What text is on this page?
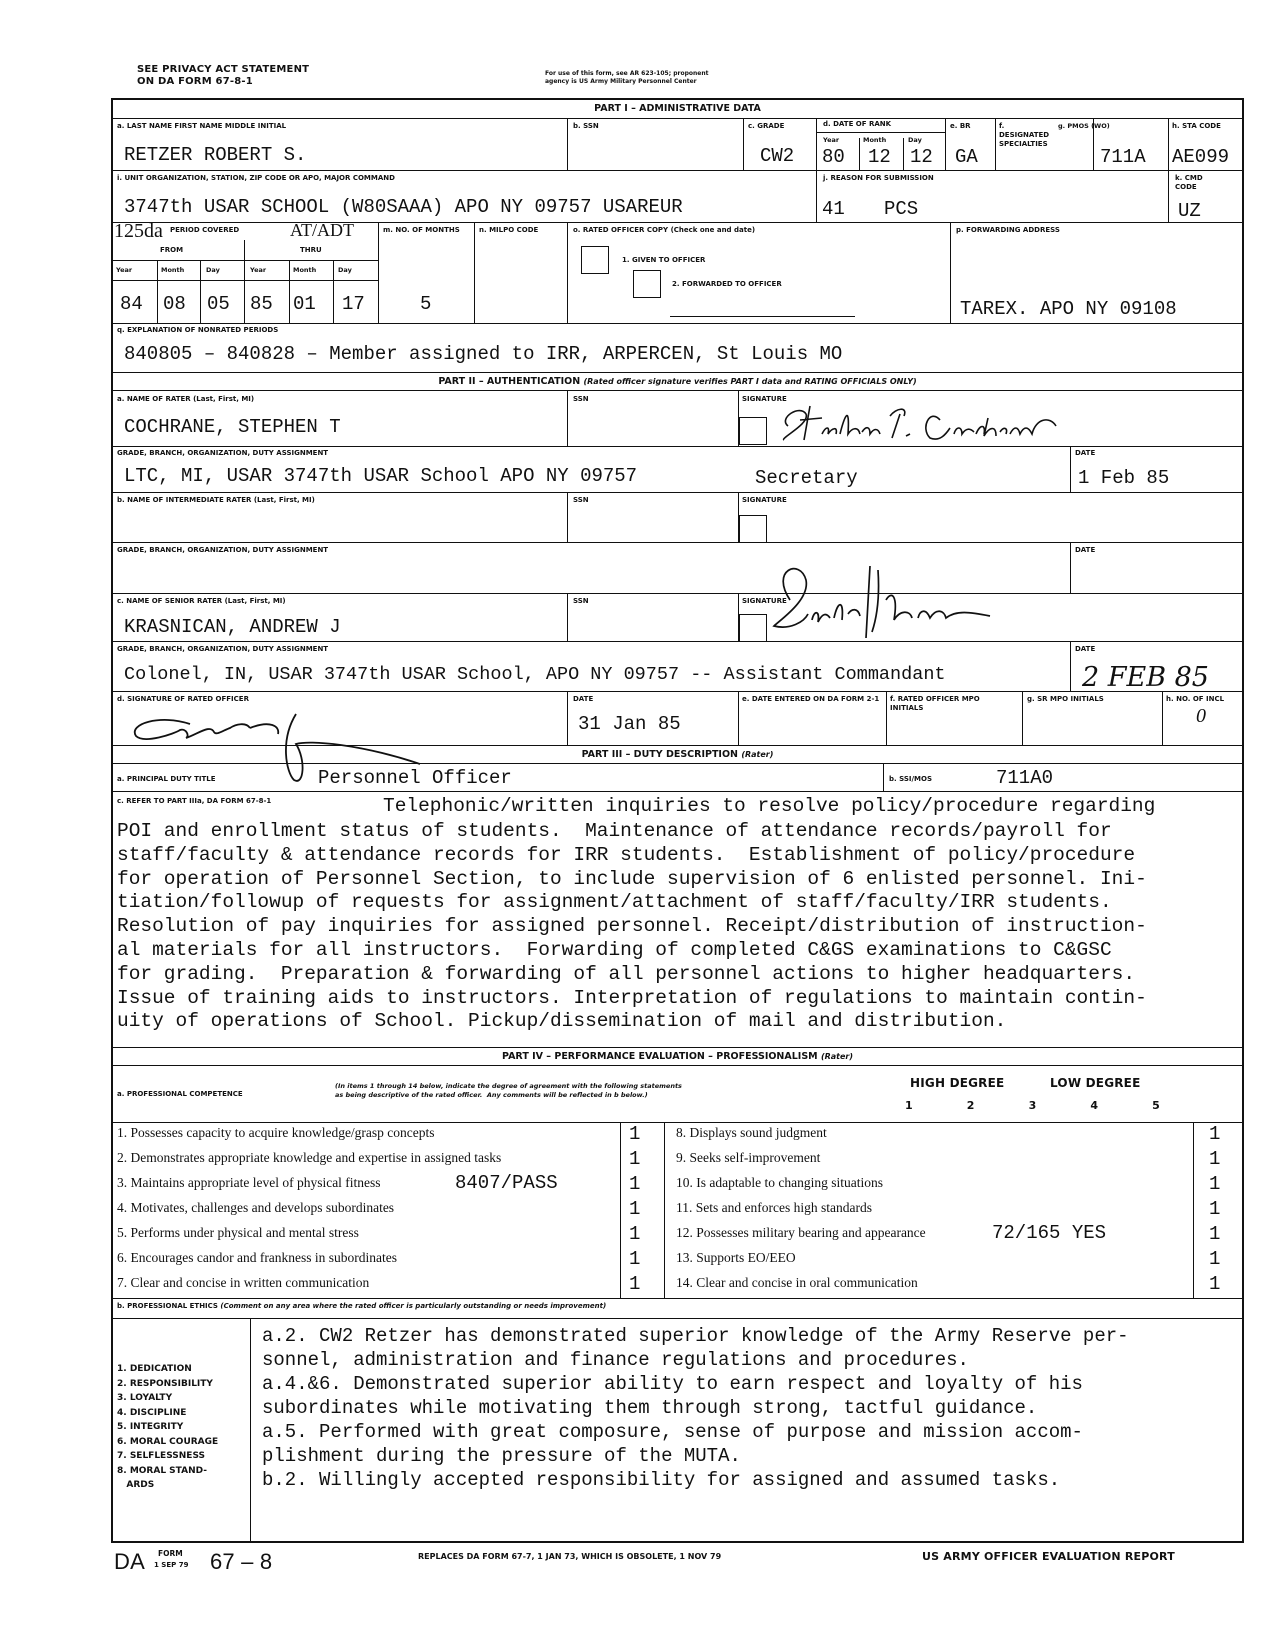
SEE PRIVACY ACT STATEMENT
ON DA FORM 67-8-1
For use of this form, see AR 623-105; proponent
agency is US Army Military Personnel Center
PART I – ADMINISTRATIVE DATA
a. LAST NAME FIRST NAME MIDDLE INITIAL
RETZER ROBERT S.
b. SSN	c. GRADE
CW2
d. DATE OF RANK
Year	Month	Day
80 12 12
e. BR
GA
f. DESIGNATED SPECIALTIES
g. PMOS (WO)
711A
h. STA CODE
AE099
i. UNIT ORGANIZATION, STATION, ZIP CODE OR APO, MAJOR COMMAND
3747th USAR SCHOOL (W80SAAA) APO NY 09757 USAREUR
j. REASON FOR SUBMISSION
41 PCS
k. CMD CODE
UZ
125da PERIOD COVERED	AT/ADT
FROM	THRU
Year	Month	Day	Year	Month	Day
84 08 05 85 01 17
m. NO. OF MONTHS
5
n. MILPO CODE	o. RATED OFFICER COPY (Check one and date)
1. GIVEN TO OFFICER
2. FORWARDED TO OFFICER
p. FORWARDING ADDRESS
TAREX. APO NY 09108
q. EXPLANATION OF NONRATED PERIODS
840805 – 840828 – Member assigned to IRR, ARPERCEN, St Louis MO
PART II – AUTHENTICATION (Rated officer signature verifies PART I data and RATING OFFICIALS ONLY)
a. NAME OF RATER (Last, First, MI)
COCHRANE, STEPHEN T
SSN	SIGNATURE
GRADE, BRANCH, ORGANIZATION, DUTY ASSIGNMENT
LTC, MI, USAR 3747th USAR School APO NY 09757	Secretary
DATE
1 Feb 85
b. NAME OF INTERMEDIATE RATER (Last, First, MI)	SSN	SIGNATURE
GRADE, BRANCH, ORGANIZATION, DUTY ASSIGNMENT	DATE
c. NAME OF SENIOR RATER (Last, First, MI)
KRASNICAN, ANDREW J
SSN	SIGNATURE
GRADE, BRANCH, ORGANIZATION, DUTY ASSIGNMENT
Colonel, IN, USAR 3747th USAR School, APO NY 09757 -- Assistant Commandant
DATE
2 FEB 85
d. SIGNATURE OF RATED OFFICER	DATE
31 Jan 85
e. DATE ENTERED ON DA FORM 2-1	f. RATED OFFICER MPO INITIALS
g. SR MPO INITIALS	h. NO. OF INCL
0
PART III – DUTY DESCRIPTION (Rater)
a. PRINCIPAL DUTY TITLE	Personnel Officer	b. SSI/MOS	711A0
c. REFER TO PART IIIa, DA FORM 67-8-1	Telephonic/written inquiries to resolve policy/procedure regarding
POI and enrollment status of students.  Maintenance of attendance records/payroll for
staff/faculty & attendance records for IRR students.  Establishment of policy/procedure
for operation of Personnel Section, to include supervision of 6 enlisted personnel. Ini-
tiation/followup of requests for assignment/attachment of staff/faculty/IRR students.
Resolution of pay inquiries for assigned personnel. Receipt/distribution of instruction-
al materials for all instructors.  Forwarding of completed C&GS examinations to C&GSC
for grading.  Preparation & forwarding of all personnel actions to higher headquarters.
Issue of training aids to instructors. Interpretation of regulations to maintain contin-
uity of operations of School. Pickup/dissemination of mail and distribution.
PART IV – PERFORMANCE EVALUATION – PROFESSIONALISM (Rater)
a. PROFESSIONAL COMPETENCE
(In items 1 through 14 below, indicate the degree of agreement with the following statements
as being descriptive of the rated officer.  Any comments will be reflected in b below.)
HIGH DEGREE	LOW DEGREE
1	2	3	4	5
1. Possesses capacity to acquire knowledge/grasp concepts	1
2. Demonstrates appropriate knowledge and expertise in assigned tasks	1
3. Maintains appropriate level of physical fitness	8407/PASS	1
4. Motivates, challenges and develops subordinates	1
5. Performs under physical and mental stress	1
6. Encourages candor and frankness in subordinates	1
7. Clear and concise in written communication	1
8. Displays sound judgment	1
9. Seeks self-improvement	1
10. Is adaptable to changing situations	1
11. Sets and enforces high standards	1
12. Possesses military bearing and appearance	72/165 YES	1
13. Supports EO/EEO	1
14. Clear and concise in oral communication	1
b. PROFESSIONAL ETHICS (Comment on any area where the rated officer is particularly outstanding or needs improvement)
1. DEDICATION
2. RESPONSIBILITY
3. LOYALTY
4. DISCIPLINE
5. INTEGRITY
6. MORAL COURAGE
7. SELFLESSNESS
8. MORAL STAND-
ARDS
a.2. CW2 Retzer has demonstrated superior knowledge of the Army Reserve per-
sonnel, administration and finance regulations and procedures.
a.4.&6. Demonstrated superior ability to earn respect and loyalty of his
subordinates while motivating them through strong, tactful guidance.
a.5. Performed with great composure, sense of purpose and mission accom-
plishment during the pressure of the MUTA.
b.2. Willingly accepted responsibility for assigned and assumed tasks.
DA FORM
1 SEP 79 67 – 8	REPLACES DA FORM 67-7, 1 JAN 73, WHICH IS OBSOLETE, 1 NOV 79	US ARMY OFFICER EVALUATION REPORT
